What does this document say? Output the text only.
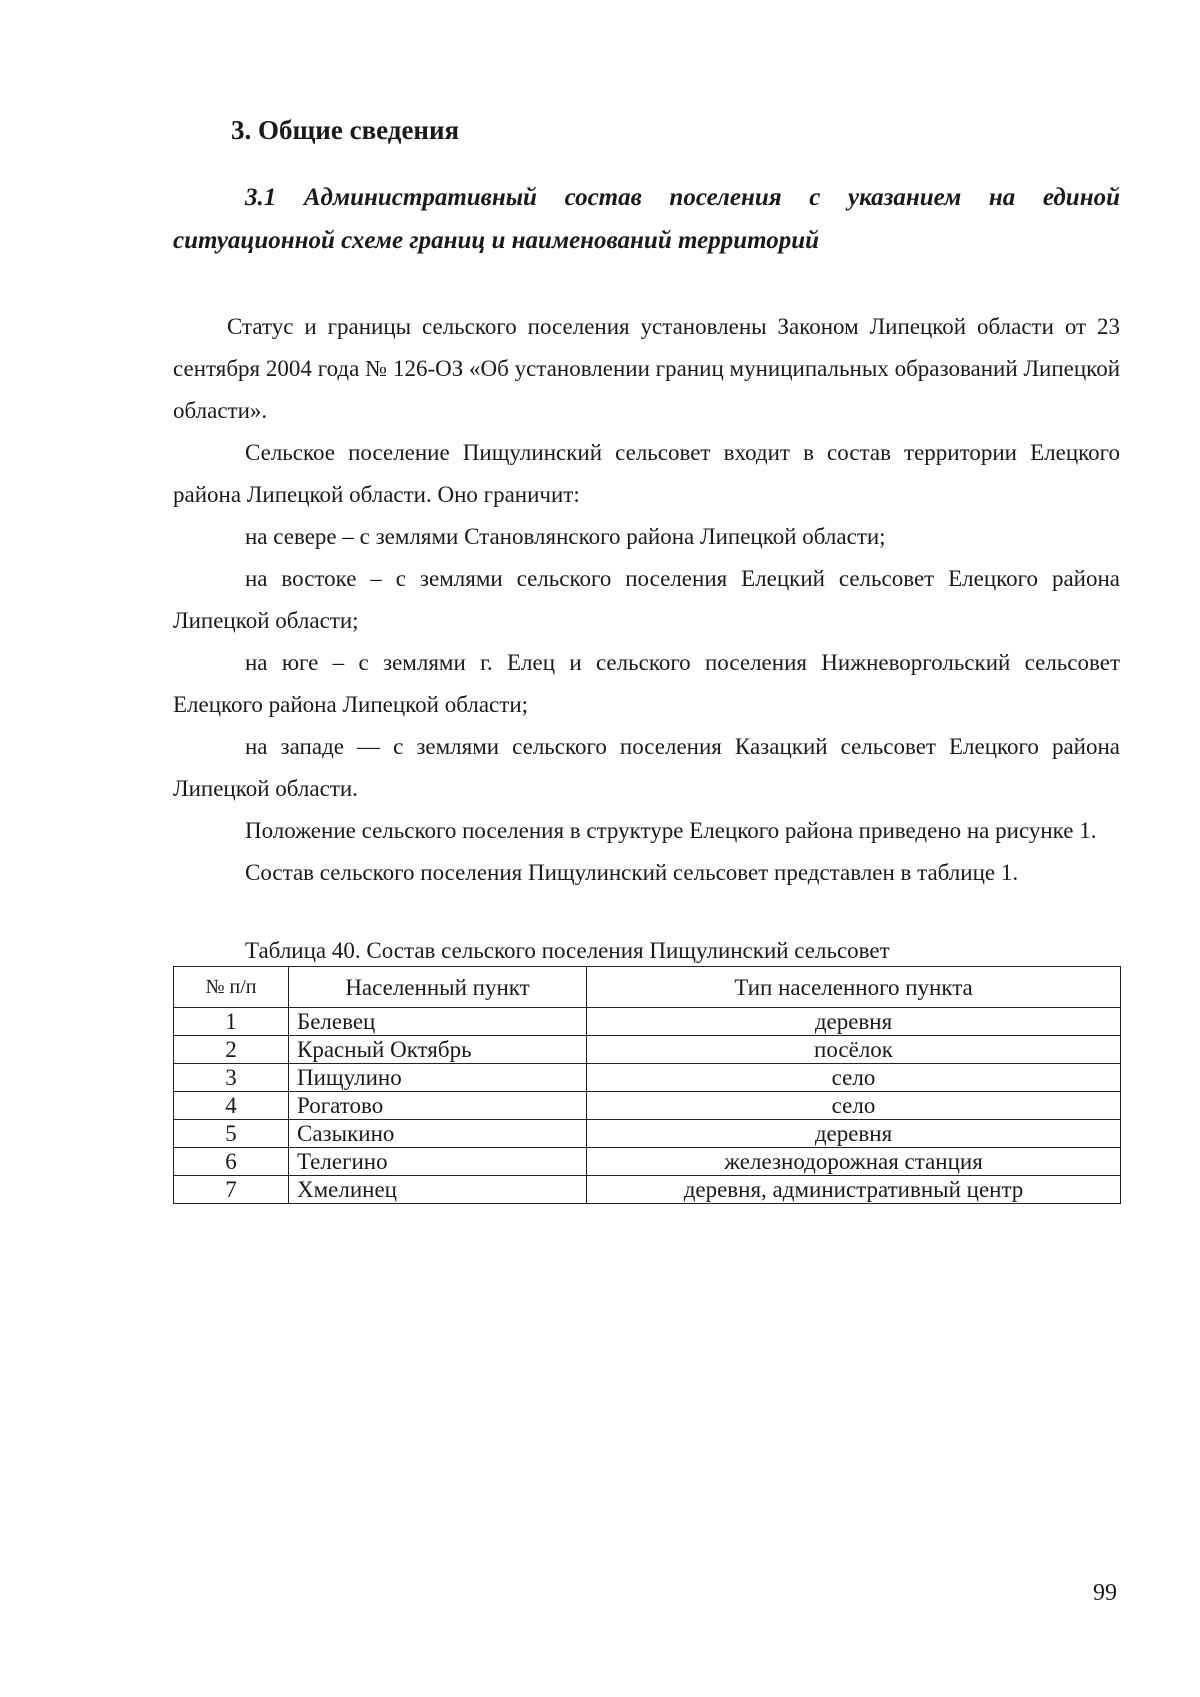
3. Общие сведения
3.1 Административный состав поселения с указанием на единой
ситуационной схеме границ и наименований территорий

Статус и границы сельского поселения установлены Законом Липецкой области от 23 сентября 2004 года № 126-ОЗ «Об установлении границ муниципальных образований Липецкой области».

Сельское поселение Пищулинский сельсовет входит в состав территории Елецкого района Липецкой области. Оно граничит:

на севере – с землями Становлянского района Липецкой области;

на востоке – с землями сельского поселения Елецкий сельсовет Елецкого района Липецкой области;

на юге – с землями г. Елец и сельского поселения Нижневоргольский сельсовет Елецкого района Липецкой области;

на западе — с землями сельского поселения Казацкий сельсовет Елецкого района Липецкой области.

Положение сельского поселения в структуре Елецкого района приведено на рисунке 1.

Состав сельского поселения Пищулинский сельсовет представлен в таблице 1.

Таблица 40. Состав сельского поселения Пищулинский сельсовет
№ п/п	Населенный пункт	Тип населенного пункта
1	Белевец	деревня
2	Красный Октябрь	посёлок
3	Пищулино	село
4	Рогатово	село
5	Сазыкино	деревня
6	Телегино	железнодорожная станция
7	Хмелинец	деревня, административный центр
99
